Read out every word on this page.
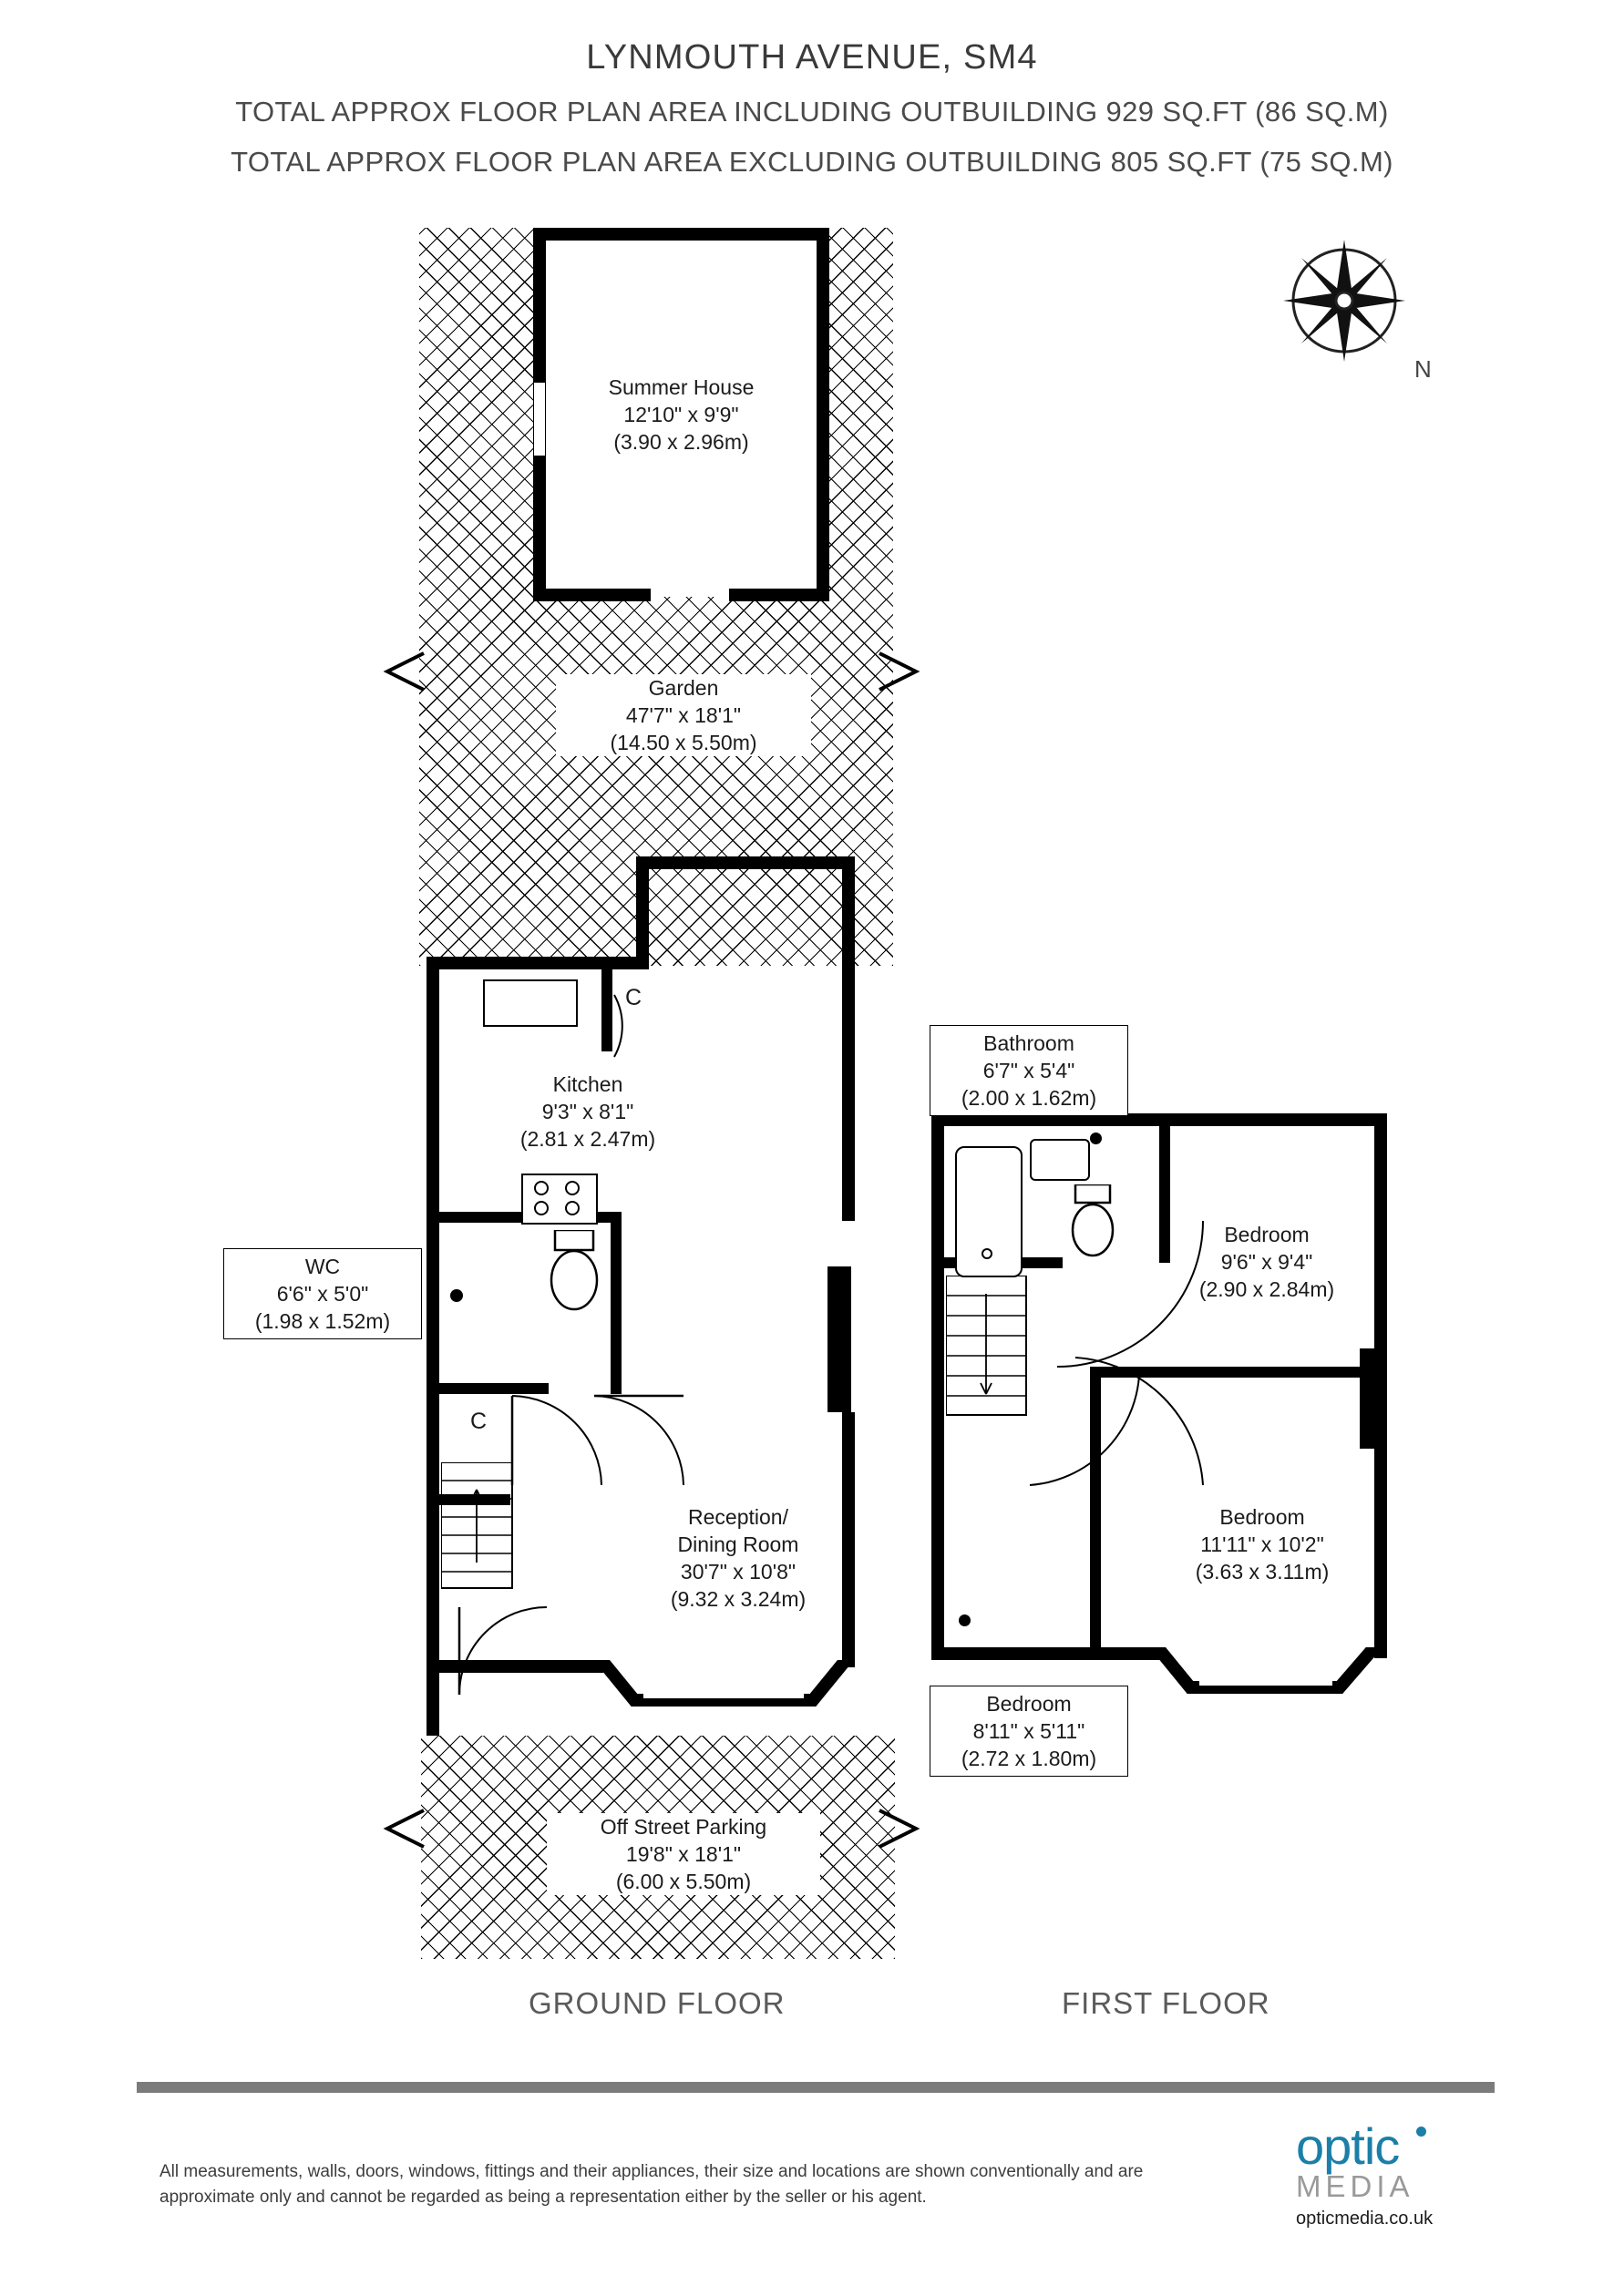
LYNMOUTH AVENUE, SM4
TOTAL APPROX FLOOR PLAN AREA INCLUDING OUTBUILDING 929 SQ.FT (86 SQ.M)
TOTAL APPROX FLOOR PLAN AREA EXCLUDING OUTBUILDING 805 SQ.FT (75 SQ.M)
N
Summer House
12'10" x 9'9"
(3.90 x 2.96m)
Garden
47'7" x 18'1"
(14.50 x 5.50m)
Kitchen
9'3" x 8'1"
(2.81 x 2.47m)
C
WC
6'6" x 5'0"
(1.98 x 1.52m)
C
Reception/
Dining Room
30'7" x 10'8"
(9.32 x 3.24m)
Off Street Parking
19'8" x 18'1"
(6.00 x 5.50m)
Bathroom
6'7" x 5'4"
(2.00 x 1.62m)
Bedroom
9'6" x 9'4"
(2.90 x 2.84m)
Bedroom
11'11" x 10'2"
(3.63 x 3.11m)
Bedroom
8'11" x 5'11"
(2.72 x 1.80m)
GROUND FLOOR	FIRST FLOOR
All measurements, walls, doors, windows, fittings and their appliances, their size and locations are shown conventionally and are approximate only and cannot be regarded as being a representation either by the seller or his agent.
optic
MEDIA
opticmedia.co.uk
